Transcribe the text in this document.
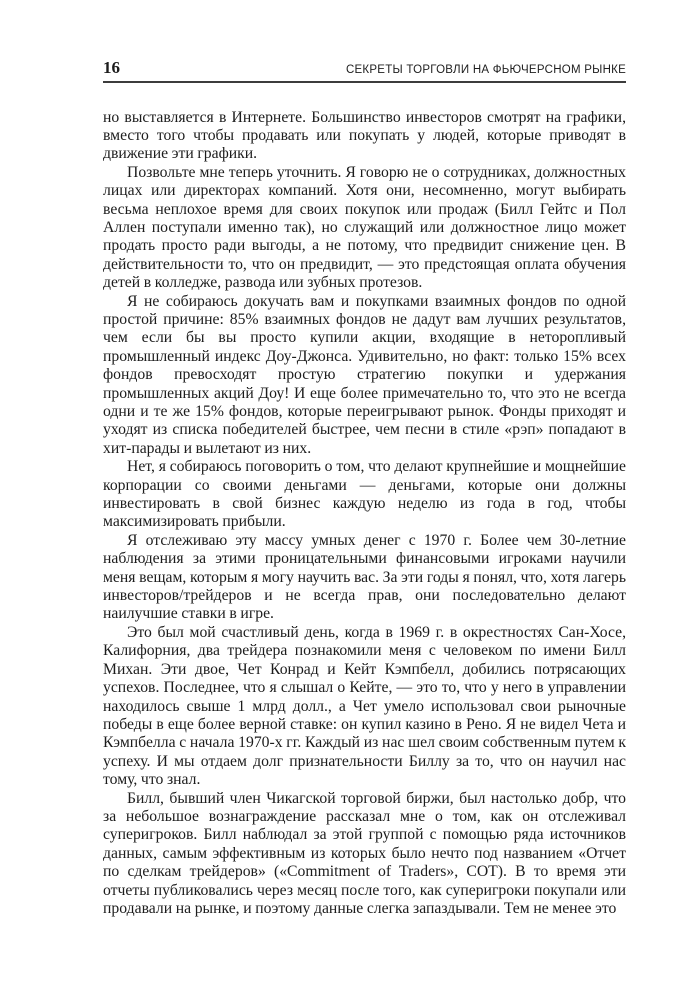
16	СЕКРЕТЫ ТОРГОВЛИ НА ФЬЮЧЕРСНОМ РЫНКЕ

но выставляется в Интернете. Большинство инвесторов смотрят на графики, вместо того чтобы продавать или покупать у людей, которые приводят в движение эти графики.

Позвольте мне теперь уточнить. Я говорю не о сотрудниках, должностных лицах или директорах компаний. Хотя они, несомненно, могут выбирать весьма неплохое время для своих покупок или продаж (Билл Гейтс и Пол Аллен поступали именно так), но служащий или должностное лицо может продать просто ради выгоды, а не потому, что предвидит снижение цен. В действительности то, что он предвидит, — это предстоящая оплата обучения детей в колледже, развода или зубных протезов.

Я не собираюсь докучать вам и покупками взаимных фондов по одной простой причине: 85% взаимных фондов не дадут вам лучших результатов, чем если бы вы просто купили акции, входящие в неторопливый промышленный индекс Доу-Джонса. Удивительно, но факт: только 15% всех фондов превосходят простую стратегию покупки и удержания промышленных акций Доу! И еще более примечательно то, что это не всегда одни и те же 15% фондов, которые переигрывают рынок. Фонды приходят и уходят из списка победителей быстрее, чем песни в стиле «рэп» попадают в хит-парады и вылетают из них.

Нет, я собираюсь поговорить о том, что делают крупнейшие и мощнейшие корпорации со своими деньгами — деньгами, которые они должны инвестировать в свой бизнес каждую неделю из года в год, чтобы максимизировать прибыли.

Я отслеживаю эту массу умных денег с 1970 г. Более чем 30-летние наблюдения за этими проницательными финансовыми игроками научили меня вещам, которым я могу научить вас. За эти годы я понял, что, хотя лагерь инвесторов/трейдеров и не всегда прав, они последовательно делают наилучшие ставки в игре.

Это был мой счастливый день, когда в 1969 г. в окрестностях Сан-Хосе, Калифорния, два трейдера познакомили меня с человеком по имени Билл Михан. Эти двое, Чет Конрад и Кейт Кэмпбелл, добились потрясающих успехов. Последнее, что я слышал о Кейте, — это то, что у него в управлении находилось свыше 1 млрд долл., а Чет умело использовал свои рыночные победы в еще более верной ставке: он купил казино в Рено. Я не видел Чета и Кэмпбелла с начала 1970-х гг. Каждый из нас шел своим собственным путем к успеху. И мы отдаем долг признательности Биллу за то, что он научил нас тому, что знал.

Билл, бывший член Чикагской торговой биржи, был настолько добр, что за небольшое вознаграждение рассказал мне о том, как он отслеживал суперигроков. Билл наблюдал за этой группой с помощью ряда источников данных, самым эффективным из которых было нечто под названием «Отчет по сделкам трейдеров» («Commitment of Traders», COT). В то время эти отчеты публиковались через месяц после того, как суперигроки покупали или продавали на рынке, и поэтому данные слегка запаздывали. Тем не менее это
